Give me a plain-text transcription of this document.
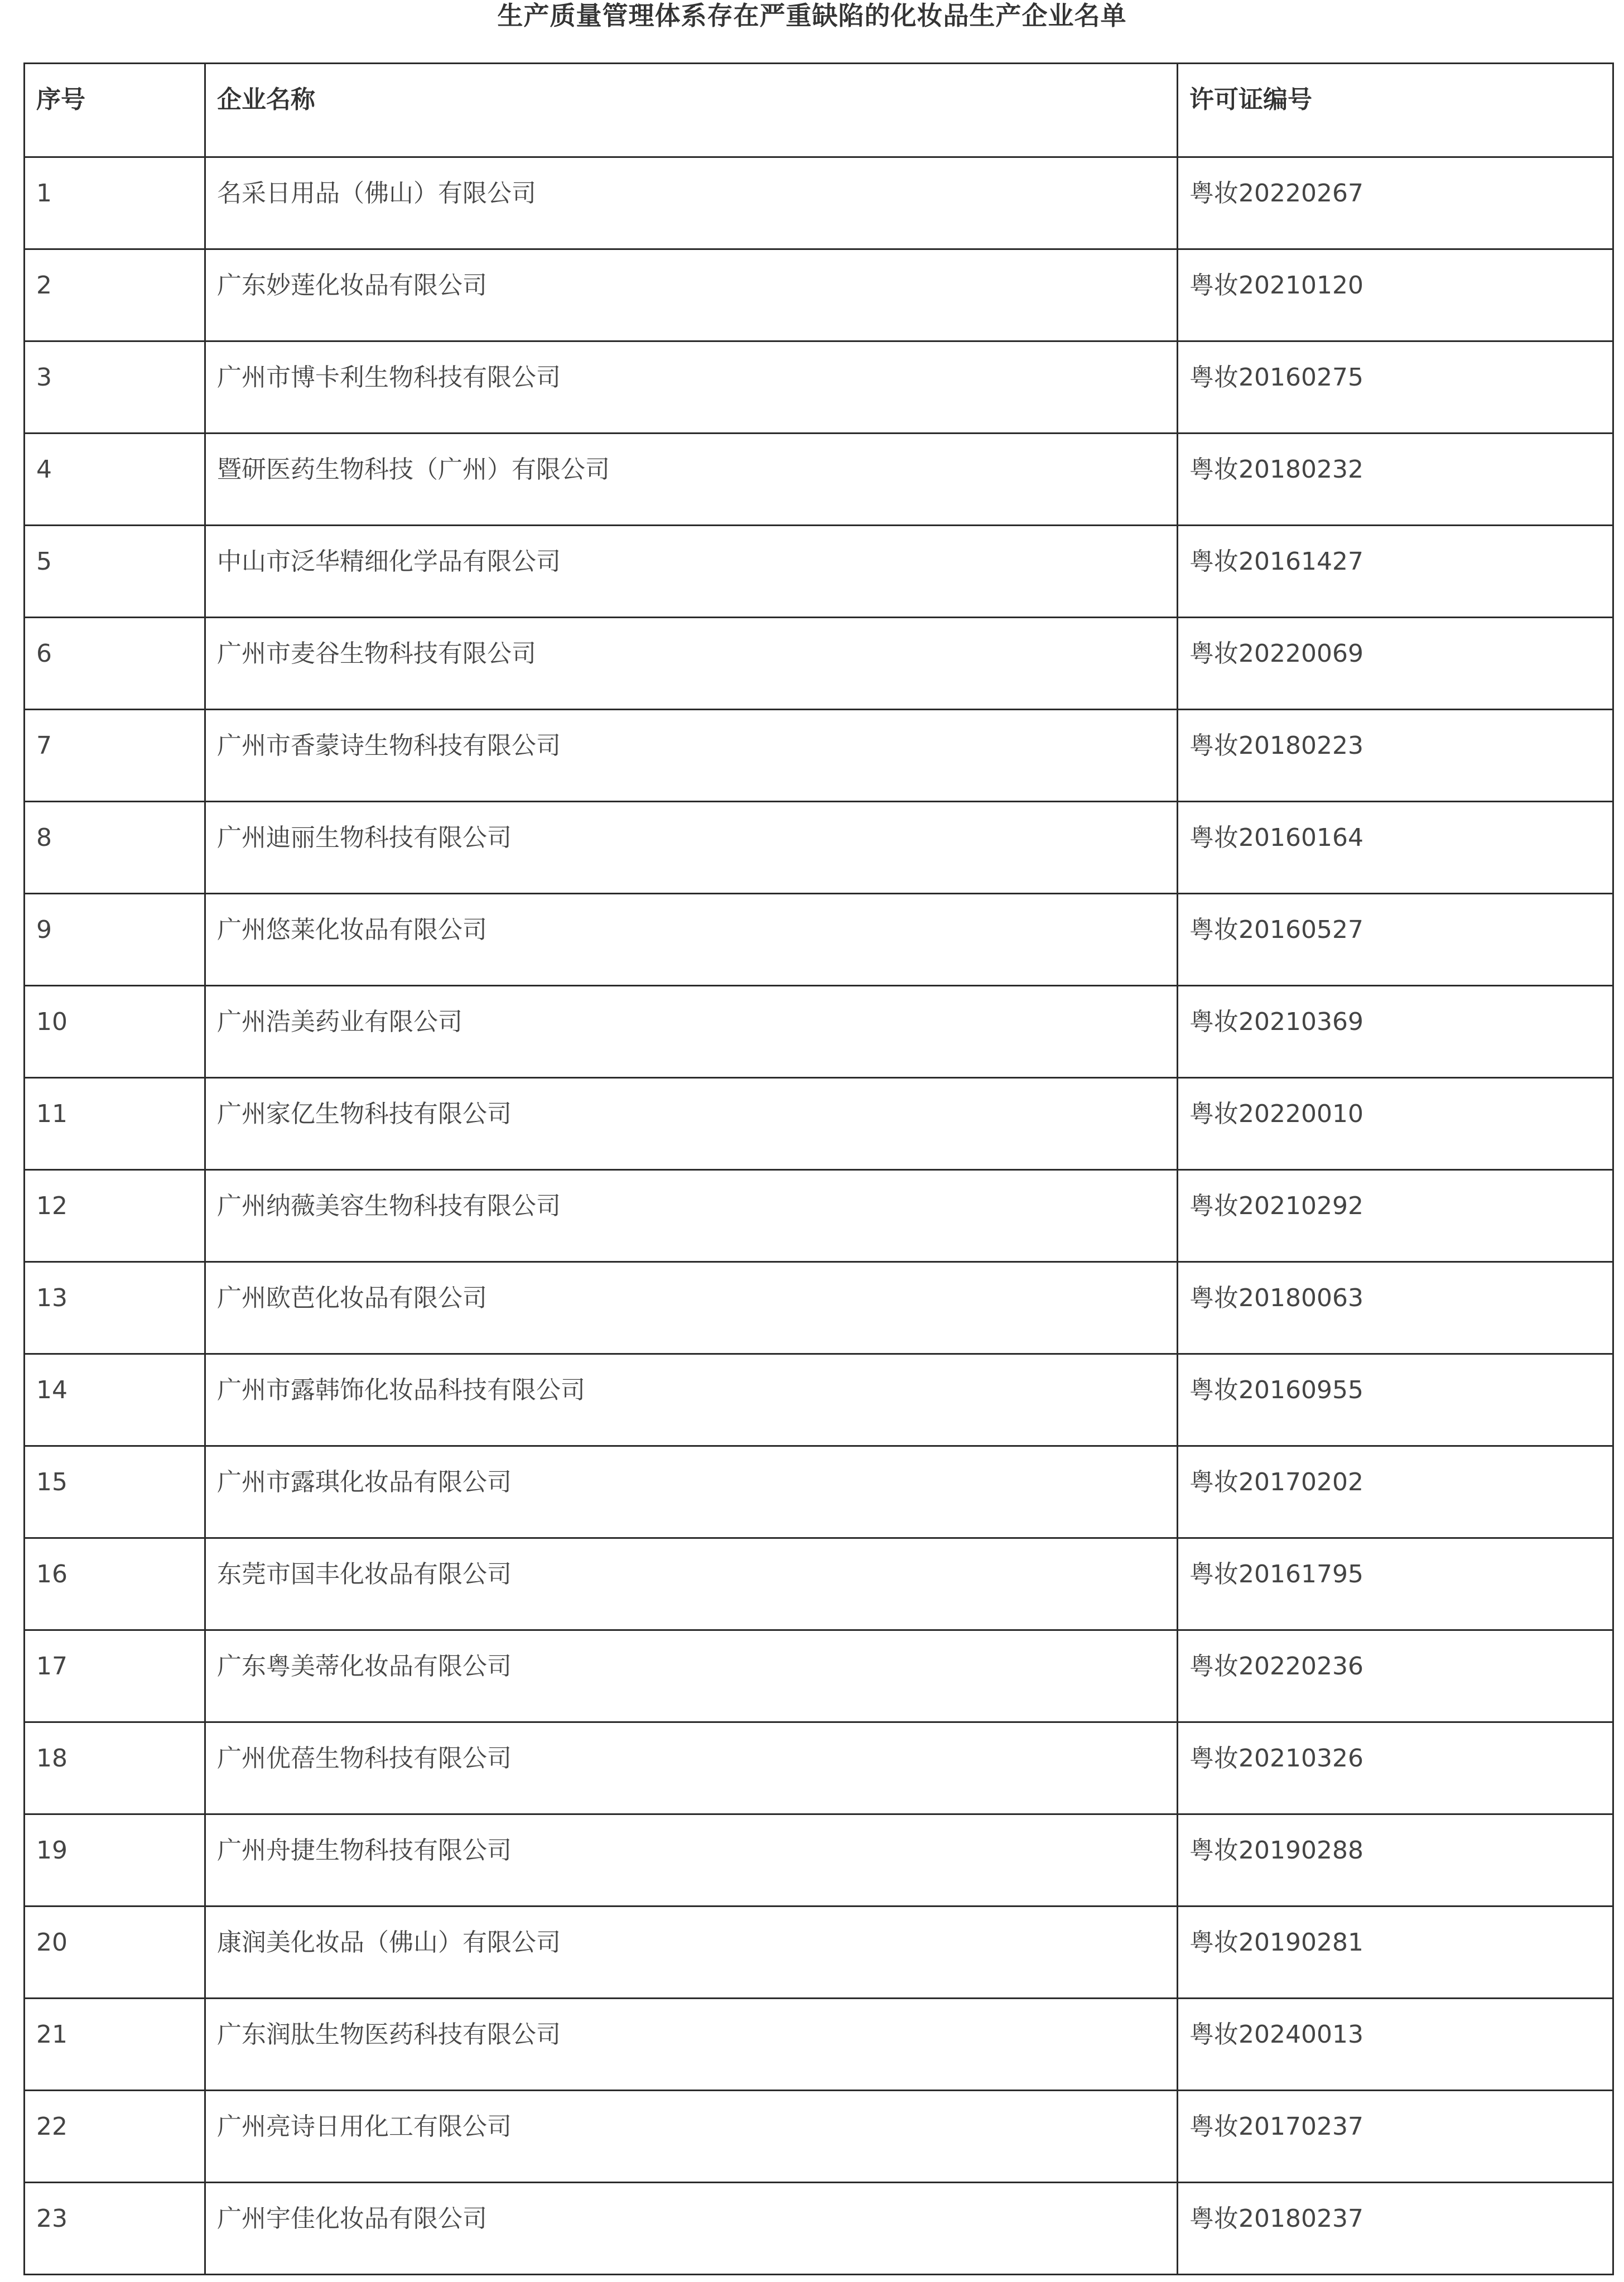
生产质量管理体系存在严重缺陷的化妆品生产企业名单
序号	企业名称	许可证编号
1	名采日用品（佛山）有限公司	粤妆20220267
2	广东妙莲化妆品有限公司	粤妆20210120
3	广州市博卡利生物科技有限公司	粤妆20160275
4	暨研医药生物科技（广州）有限公司	粤妆20180232
5	中山市泛华精细化学品有限公司	粤妆20161427
6	广州市麦谷生物科技有限公司	粤妆20220069
7	广州市香蒙诗生物科技有限公司	粤妆20180223
8	广州迪丽生物科技有限公司	粤妆20160164
9	广州悠莱化妆品有限公司	粤妆20160527
10	广州浩美药业有限公司	粤妆20210369
11	广州家亿生物科技有限公司	粤妆20220010
12	广州纳薇美容生物科技有限公司	粤妆20210292
13	广州欧芭化妆品有限公司	粤妆20180063
14	广州市露韩饰化妆品科技有限公司	粤妆20160955
15	广州市露琪化妆品有限公司	粤妆20170202
16	东莞市国丰化妆品有限公司	粤妆20161795
17	广东粤美蒂化妆品有限公司	粤妆20220236
18	广州优蓓生物科技有限公司	粤妆20210326
19	广州舟捷生物科技有限公司	粤妆20190288
20	康润美化妆品（佛山）有限公司	粤妆20190281
21	广东润肽生物医药科技有限公司	粤妆20240013
22	广州亮诗日用化工有限公司	粤妆20170237
23	广州宇佳化妆品有限公司	粤妆20180237
